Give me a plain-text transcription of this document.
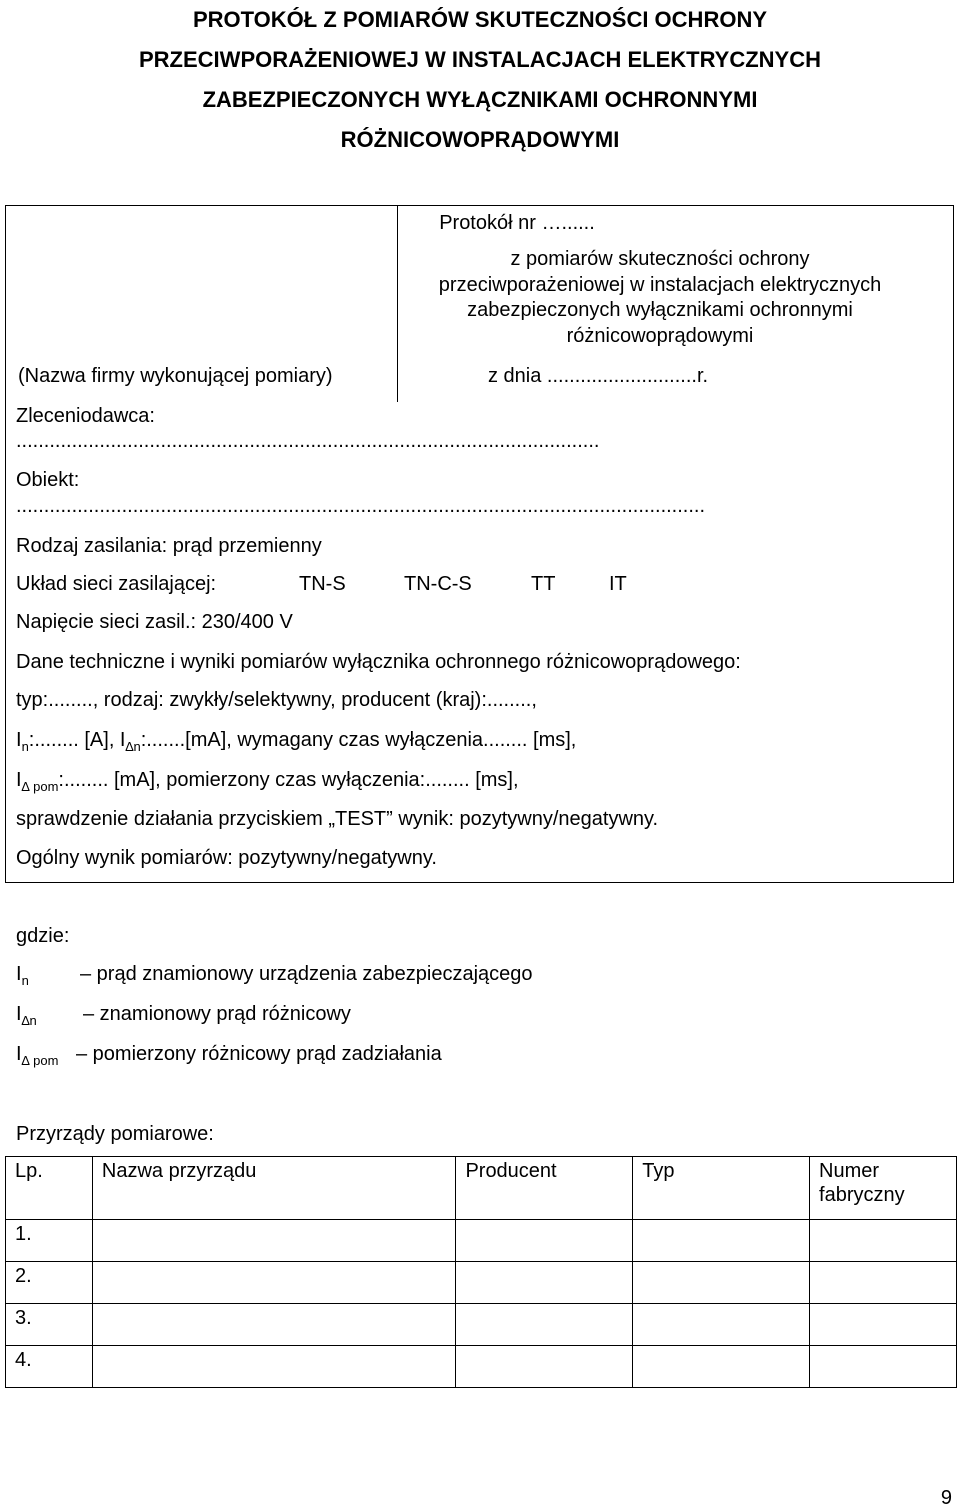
PROTOKÓŁ Z POMIARÓW SKUTECZNOŚCI OCHRONY
PRZECIWPORAŻENIOWEJ W INSTALACJACH ELEKTRYCZNYCH
ZABEZPIECZONYCH WYŁĄCZNIKAMI OCHRONNYMI
RÓŻNICOWOPRĄDOWYMI
Protokół nr …......
z pomiarów skuteczności ochrony
przeciwporażeniowej w instalacjach elektrycznych
zabezpieczonych wyłącznikami ochronnymi
różnicowoprądowymi
(Nazwa firmy wykonującej pomiary)	z dnia ...........................r.
Zleceniodawca:
.........................................................................................................
Obiekt:
............................................................................................................................
Rodzaj zasilania: prąd przemienny
Układ sieci zasilającej:	TN-S	TN-C-S	TT	IT
Napięcie sieci zasil.: 230/400 V
Dane techniczne i wyniki pomiarów wyłącznika ochronnego różnicowoprądowego:
typ:........, rodzaj: zwykły/selektywny, producent (kraj):........,
$I_n$:........ [A], $I_{\Delta n}:.......[mA]$, wymagany czas wyłączenia........ [ms],
$I_{\Delta pom}$:........ [mA], pomierzony czas wyłączenia:........ [ms],
sprawdzenie działania przyciskiem „TEST” wynik: pozytywny/negatywny.
Ogólny wynik pomiarów: pozytywny/negatywny.
gdzie:
$I_n$	– prąd znamionowy urządzenia zabezpieczającego
$I_{\Delta n}$ – znamionowy prąd różnicowy
$I_{\Delta pom}$ – pomierzony różnicowy prąd zadziałania
Przyrządy pomiarowe:
Lp.	Nazwa przyrządu	Producent	Typ	Numer fabryczny
1.				
2.				
3.				
4.				
9
